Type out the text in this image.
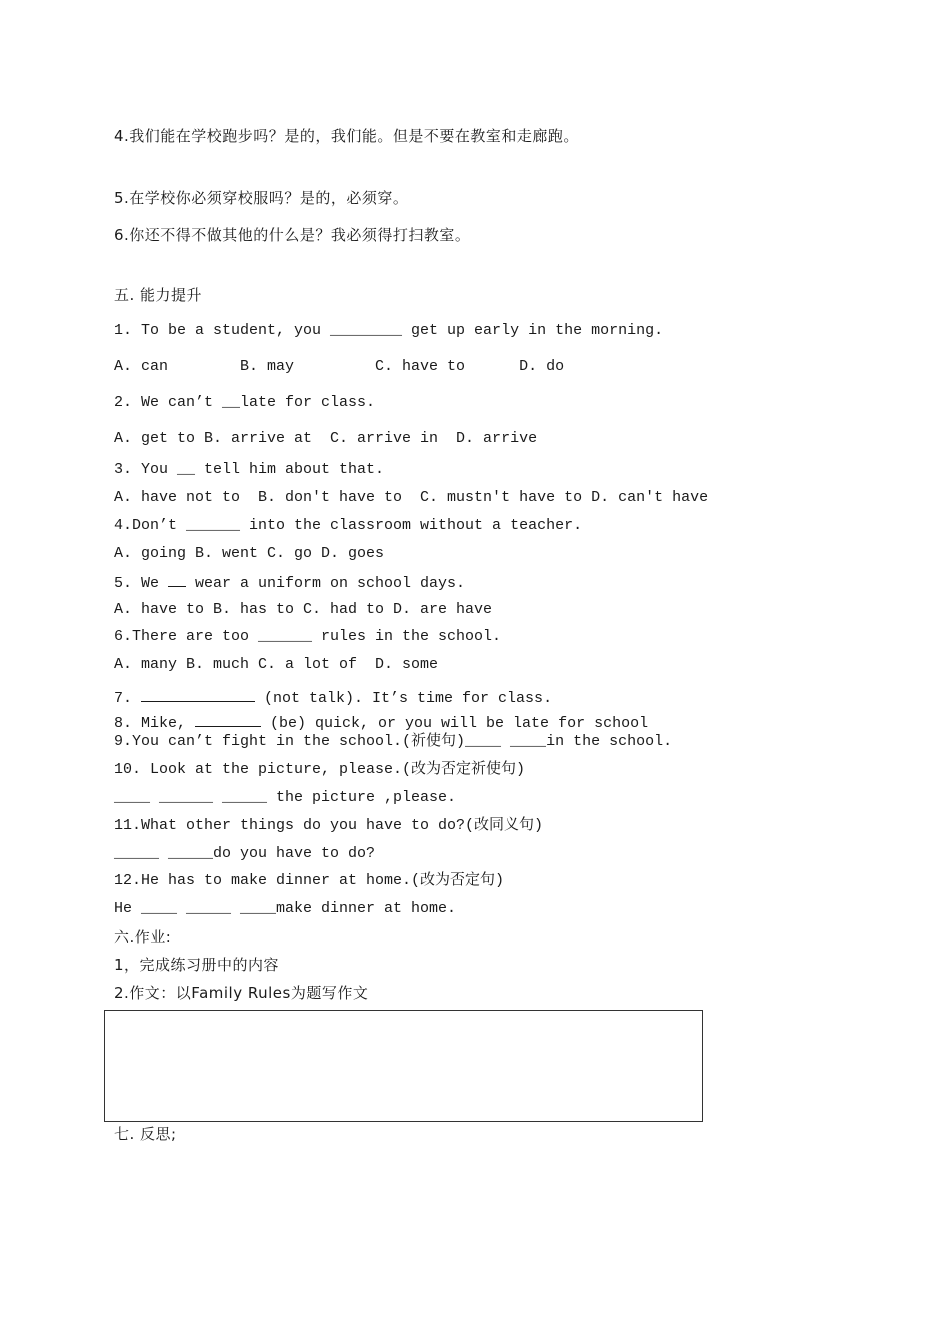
4.我们能在学校跑步吗？是的，我们能。但是不要在教室和走廊跑。
5.在学校你必须穿校服吗？是的，必须穿。
6.你还不得不做其他的什么是？我必须得打扫教室。
五. 能力提升
1. To be a student, you ________ get up early in the morning.
A. can        B. may         C. have to      D. do
2. We can’t __late for class.
A. get to B. arrive at  C. arrive in  D. arrive
3. You __ tell him about that.
A. have not to  B. don't have to  C. mustn't have to D. can't have
4.Don’t ______ into the classroom without a teacher.
A. going B. went C. go D. goes
5. We  wear a uniform on school days.
A. have to B. has to C. had to D. are have
6.There are too ______ rules in the school.
A. many B. much C. a lot of  D. some
7.	(not talk). It’s time for class.
8. Mike,	(be) quick, or you will be late for school
9.You can’t fight in the school.(祈使句)____ ____in the school.
10. Look at the picture, please.(改为否定祈使句)
____ ______ _____ the picture ,please.
11.What other things do you have to do?(改同义句)
_____ _____do you have to do?
12.He has to make dinner at home.(改为否定句)
He ____ _____ ____make dinner at home.
六.作业:
1，完成练习册中的内容
2.作文：以Family Rules为题写作文
七. 反思;
